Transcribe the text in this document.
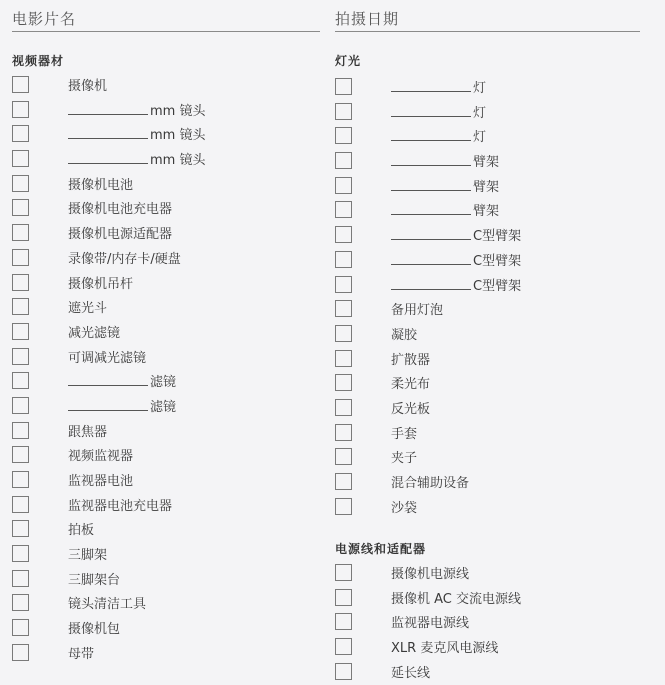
电影片名
视频器材
摄像机
mm 镜头
mm 镜头
mm 镜头
摄像机电池
摄像机电池充电器
摄像机电源适配器
录像带/内存卡/硬盘
摄像机吊杆
遮光斗
减光滤镜
可调减光滤镜
滤镜
滤镜
跟焦器
视频监视器
监视器电池
监视器电池充电器
拍板
三脚架
三脚架台
镜头清洁工具
摄像机包
母带
拍摄日期
灯光
灯
灯
灯
臂架
臂架
臂架
C型臂架
C型臂架
C型臂架
备用灯泡
凝胶
扩散器
柔光布
反光板
手套
夹子
混合辅助设备
沙袋
电源线和适配器
摄像机电源线
摄像机 AC 交流电源线
监视器电源线
XLR 麦克风电源线
延长线
